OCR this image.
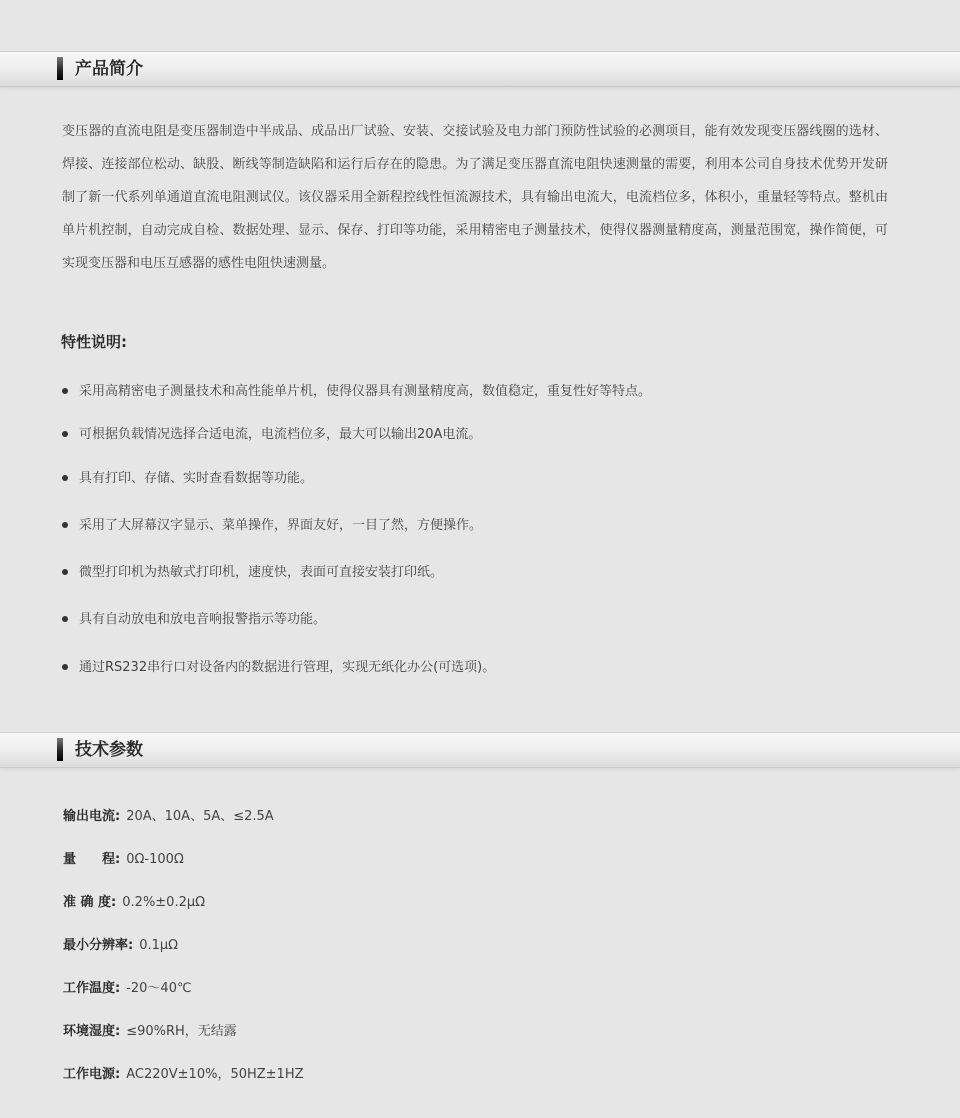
产品简介
变压器的直流电阻是变压器制造中半成品、成品出厂试验、安装、交接试验及电力部门预防性试验的必测项目，能有效发现变压器线圈的选材、焊接、连接部位松动、缺股、断线等制造缺陷和运行后存在的隐患。为了满足变压器直流电阻快速测量的需要，利用本公司自身技术优势开发研制了新一代系列单通道直流电阻测试仪。该仪器采用全新程控线性恒流源技术，具有输出电流大，电流档位多，体积小，重量轻等特点。整机由单片机控制，自动完成自检、数据处理、显示、保存、打印等功能，采用精密电子测量技术，使得仪器测量精度高，测量范围宽，操作简便，可实现变压器和电压互感器的感性电阻快速测量。
特性说明:
采用高精密电子测量技术和高性能单片机，使得仪器具有测量精度高，数值稳定，重复性好等特点。
可根据负载情况选择合适电流，电流档位多，最大可以输出20A电流。
具有打印、存储、实时查看数据等功能。
采用了大屏幕汉字显示、菜单操作，界面友好，一目了然，方便操作。
微型打印机为热敏式打印机，速度快，表面可直接安装打印纸。
具有自动放电和放电音响报警指示等功能。
通过RS232串行口对设备内的数据进行管理，实现无纸化办公(可选项)。
技术参数
输出电流: 20A、10A、5A、≤2.5A
量　　程: 0Ω-100Ω
准 确 度: 0.2%±0.2μΩ
最小分辨率: 0.1μΩ
工作温度: -20～40℃
环境湿度: ≤90%RH，无结露
工作电源: AC220V±10%，50HZ±1HZ
